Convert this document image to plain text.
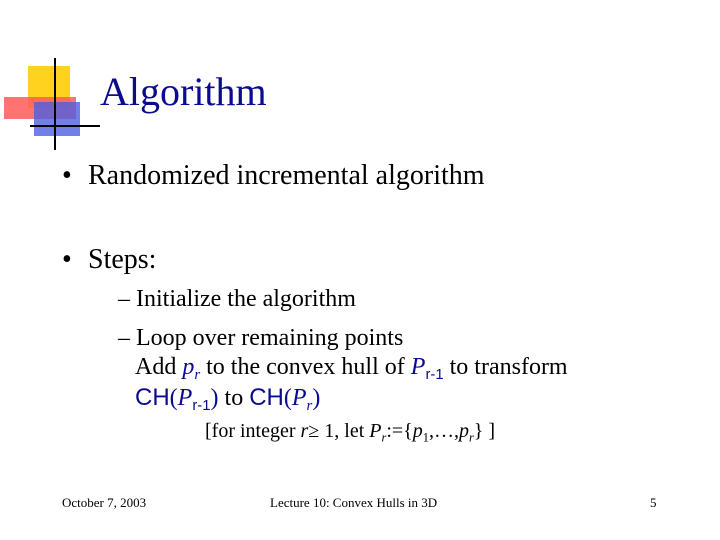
Algorithm
• Randomized incremental algorithm
• Steps:
– Initialize the algorithm
– Loop over remaining points
Add $p_r$ to the convex hull of $P_{r-1}$ to transform
$CH(P_{r-1})$ to $CH(P_r)$
[for integer r≥ 1, let $P_r:=\{p_1,\dots,p_r\}$ ]
October 7, 2003	Lecture 10: Convex Hulls in 3D	5
